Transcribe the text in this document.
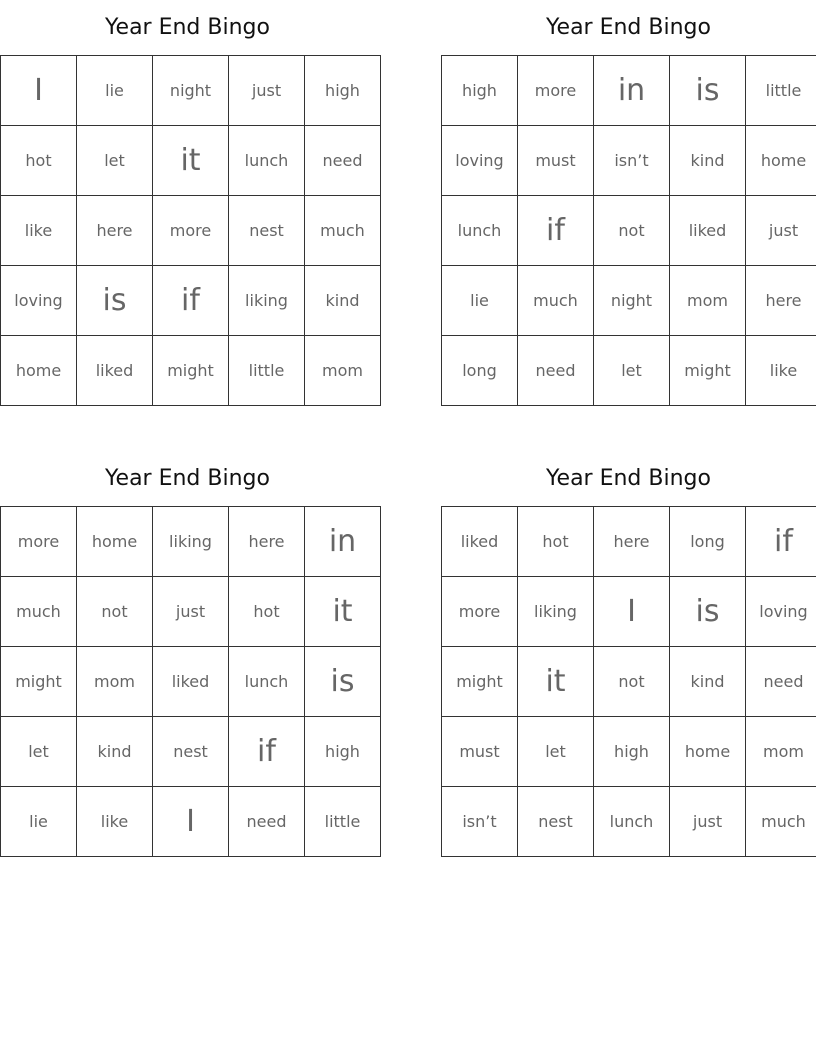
Year End Bingo
I	lie	night	just	high
hot	let	it	lunch	need
like	here	more	nest	much
loving	is	if	liking	kind
home	liked	might	little	mom
Year End Bingo
high	more	in	is	little
loving	must	isn’t	kind	home
lunch	if	not	liked	just
lie	much	night	mom	here
long	need	let	might	like
Year End Bingo
more	home	liking	here	in
much	not	just	hot	it
might	mom	liked	lunch	is
let	kind	nest	if	high
lie	like	I	need	little
Year End Bingo
liked	hot	here	long	if
more	liking	I	is	loving
might	it	not	kind	need
must	let	high	home	mom
isn’t	nest	lunch	just	much
